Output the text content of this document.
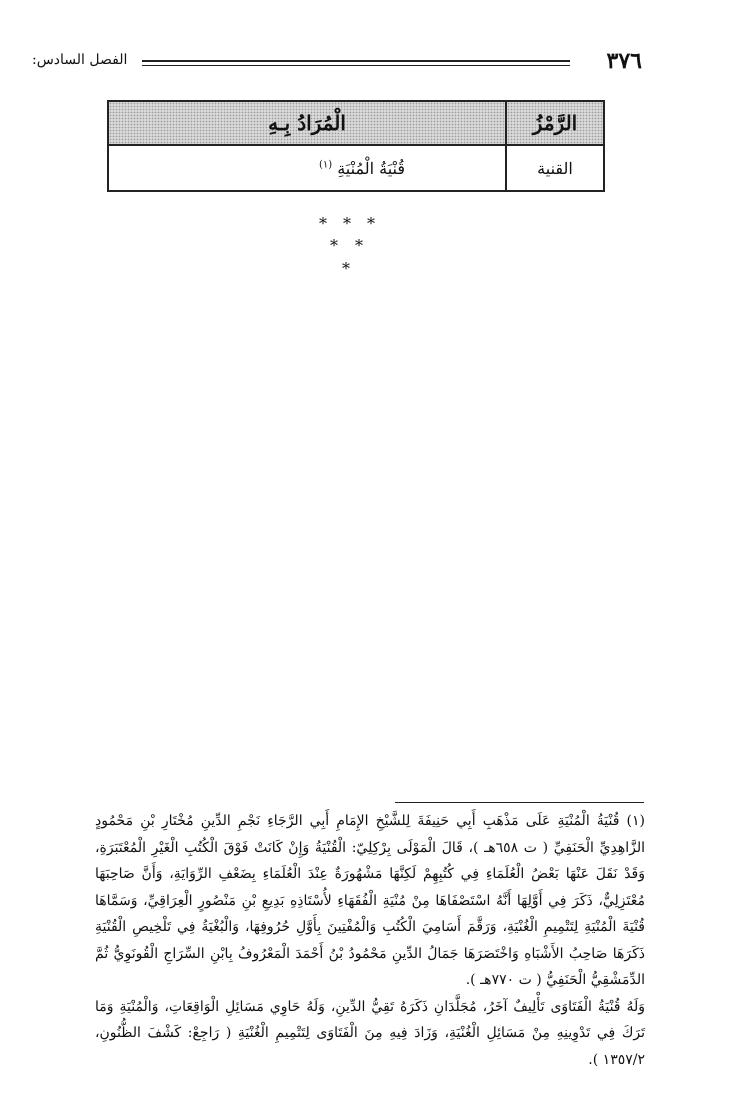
الفصل السادس:	٣٧٦
الرَّمْزُ	الْمُرَادُ بِـهِ
القنية	قُنْيَةُ الْمُنْيَةِ $^{(١)}$
* * *
* *
*

(١) قُنْيَةُ الْمُنْيَةِ عَلَى مَذْهَبِ أَبِي حَنِيفَةَ لِلشَّيْخِ الإِمَامِ أَبِي الرَّجَاءِ نَجْمِ الدِّينِ مُخْتَارِ بْنِ مَحْمُودٍ الزَّاهِدِيِّ الْحَنَفِيِّ ( ت ٦٥٨هـ )، قَالَ الْمَوْلَى بِرْكِلِيّ: الْقُنْيَةُ وَإِنْ كَانَتْ فَوْقَ الْكُتُبِ الْغَيْرِ الْمُعْتَبَرَةِ، وَقَدْ نَقَلَ عَنْهَا بَعْضُ الْعُلَمَاءِ فِي كُتُبِهِمْ لَكِنَّهَا مَشْهُورَةٌ عِنْدَ الْعُلَمَاءِ بِضَعْفِ الرِّوَايَةِ، وَأَنَّ صَاحِبَهَا مُعْتَزِلِيٌّ، ذَكَرَ فِي أَوَّلِهَا أَنَّهُ اسْتَصْفَاهَا مِنْ مُنْيَةِ الْفُقَهَاءِ لأُسْتَاذِهِ بَدِيعِ بْنِ مَنْصُورٍ الْعِرَاقِيِّ، وَسَمَّاهَا قُنْيَةَ الْمُنْيَةِ لِتَتْمِيمِ الْغُنْيَةِ، وَرَقَّمَ أَسَامِيَ الْكُتُبِ وَالْمُفْتِينَ بِأَوَّلِ حُرُوفِهَا، وَالْبُغْيَةُ فِي تَلْخِيصِ الْقُنْيَةِ ذَكَرَهَا صَاحِبُ الأَشْبَاهِ وَاخْتَصَرَهَا جَمَالُ الدِّينِ مَحْمُودُ بْنُ أَحْمَدَ الْمَعْرُوفُ بِابْنِ السِّرَاجِ الْقُونَوِيُّ ثُمَّ الدِّمَشْقِيُّ الْحَنَفِيُّ ( ت ٧٧٠هـ ).

وَلَهُ قُنْيَةُ الْفَتَاوَى تَأْلِيفٌ آخَرُ، مُجَلَّدَانِ ذَكَرَهُ تَقِيُّ الدِّينِ، وَلَهُ حَاوِي مَسَائِلِ الْوَاقِعَاتِ، وَالْمُنْيَةِ وَمَا تَرَكَ فِي تَدْوِينِهِ مِنْ مَسَائِلِ الْغُنْيَةِ، وَزَادَ فِيهِ مِنَ الْفَتَاوَى لِتَتْمِيمِ الْغُنْيَةِ ( رَاجِعْ: كَشْفَ الظُّنُونِ، ١٣٥٧/٢ ).
